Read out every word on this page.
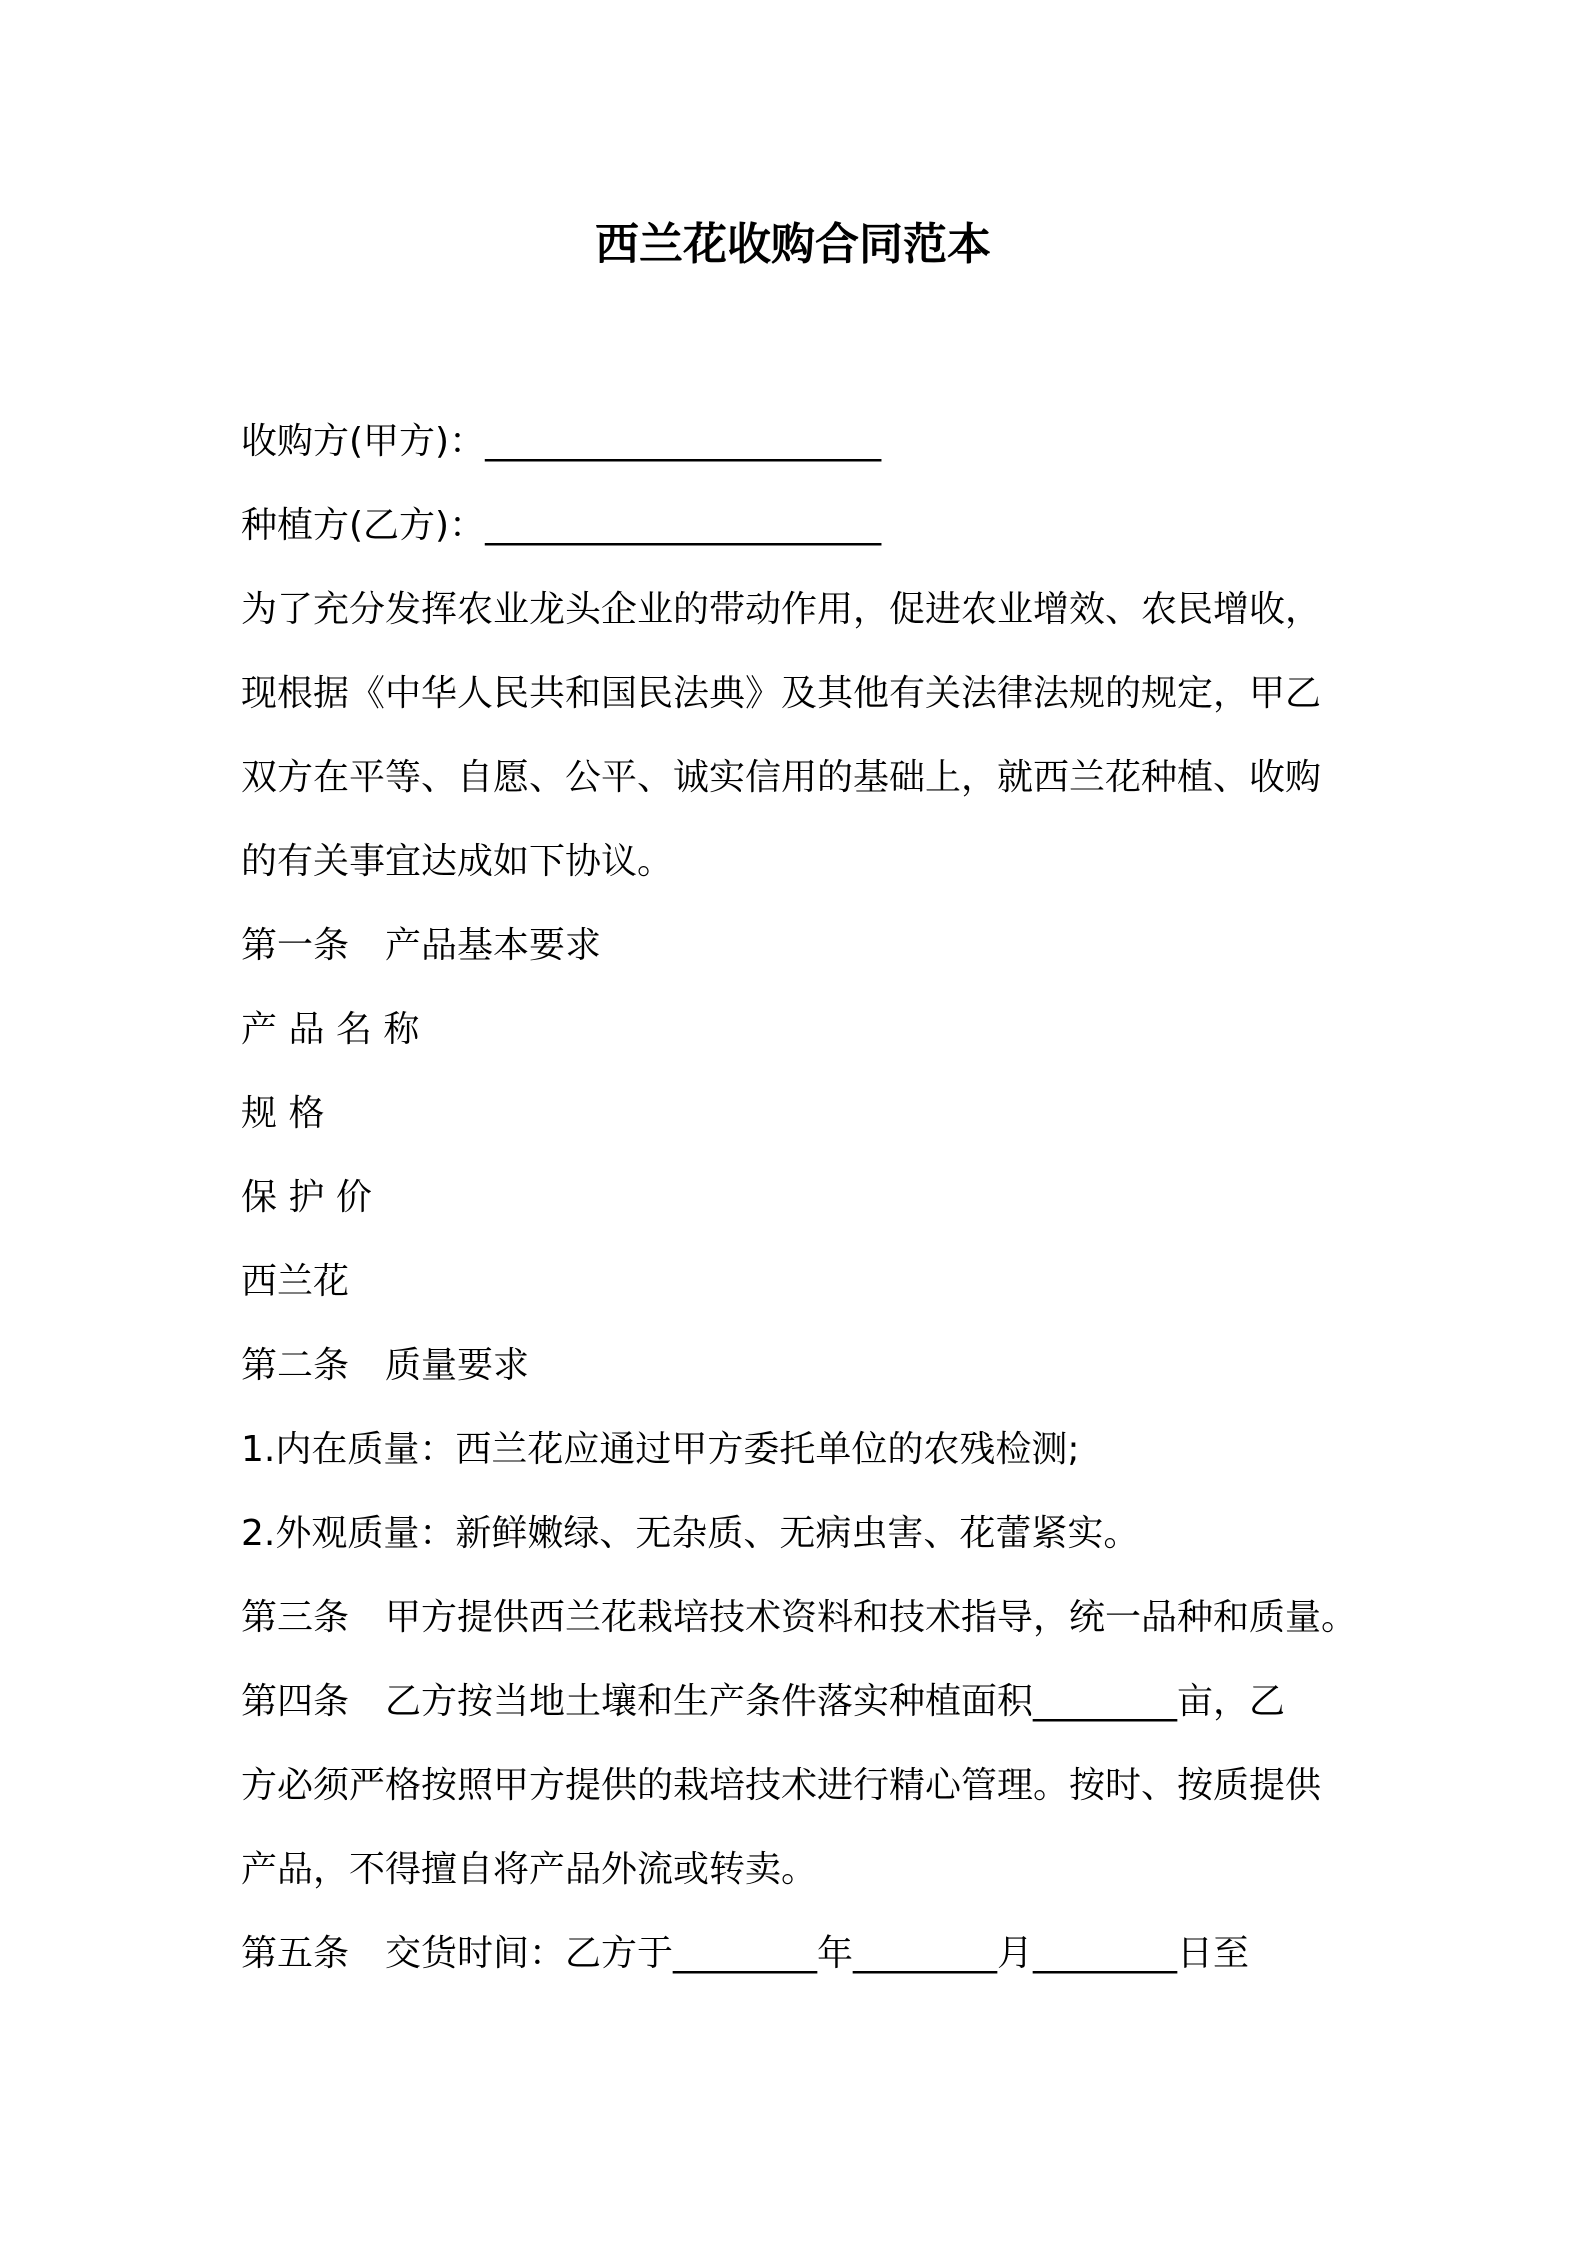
西兰花收购合同范本

收购方(甲方)：______________________

种植方(乙方)：______________________

为了充分发挥农业龙头企业的带动作用，促进农业增效、农民增收，

现根据《中华人民共和国民法典》及其他有关法律法规的规定，甲乙

双方在平等、自愿、公平、诚实信用的基础上，就西兰花种植、收购

的有关事宜达成如下协议。

第一条　产品基本要求

产 品 名 称

规 格

保 护 价

西兰花

第二条　质量要求

1.内在质量：西兰花应通过甲方委托单位的农残检测;

2.外观质量：新鲜嫩绿、无杂质、无病虫害、花蕾紧实。

第三条　甲方提供西兰花栽培技术资料和技术指导，统一品种和质量。

第四条　乙方按当地土壤和生产条件落实种植面积________亩，乙

方必须严格按照甲方提供的栽培技术进行精心管理。按时、按质提供

产品，不得擅自将产品外流或转卖。

第五条　交货时间：乙方于________年________月________日至
